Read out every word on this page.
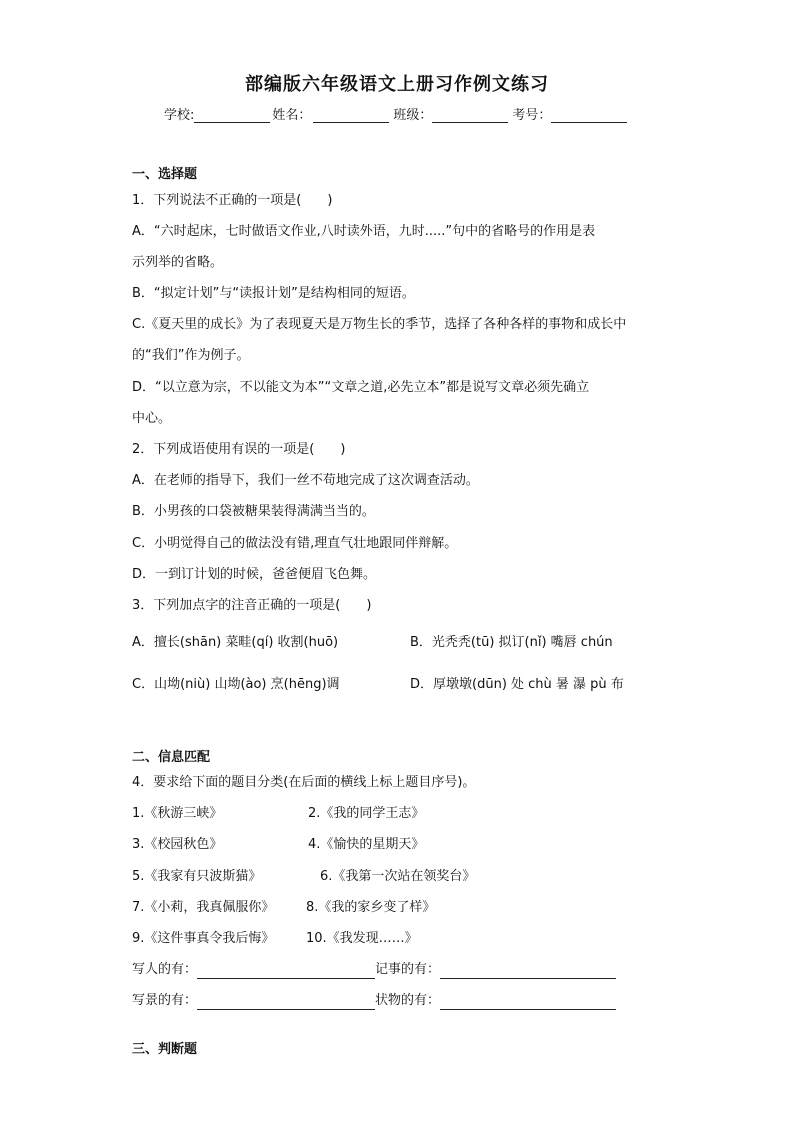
部编版六年级语文上册习作例文练习
学校:	姓名：	班级：	考号：
一、选择题
1．下列说法不正确的一项是(　　)
A．“六时起床，七时做语文作业,八时读外语，九时.....”句中的省略号的作用是表
示列举的省略。
B．“拟定计划”与“读报计划”是结构相同的短语。
C.《夏天里的成长》为了表现夏天是万物生长的季节，选择了各种各样的事物和成长中
的“我们”作为例子。
D．“以立意为宗，不以能文为本”“文章之道,必先立本”都是说写文章必须先确立
中心。
2．下列成语使用有误的一项是(　　)
A．在老师的指导下，我们一丝不苟地完成了这次调查活动。
B．小男孩的口袋被糖果装得满满当当的。
C．小明觉得自己的做法没有错,理直气壮地跟同伴辩解。
D．一到订计划的时候，爸爸便眉飞色舞。
3．下列加点字的注音正确的一项是(　　)
A．擅长(shān) 菜畦(qí) 收割(huō)	B．光秃秃(tū) 拟订(nǐ) 嘴唇 chún
C．山坳(niù) 山坳(ào) 烹(hēng)调	D．厚墩墩(dūn) 处 chù 暑 瀑 pù 布
二、信息匹配
4．要求给下面的题目分类(在后面的横线上标上题目序号)。
1.《秋游三峡》	2.《我的同学王志》
3.《校园秋色》	4.《愉快的星期天》
5.《我家有只波斯猫》	6.《我第一次站在领奖台》
7.《小莉，我真佩服你》 8.《我的家乡变了样》
9.《这件事真令我后悔》 10.《我发现……》
写人的有：	记事的有：
写景的有：	状物的有：
三、判断题
